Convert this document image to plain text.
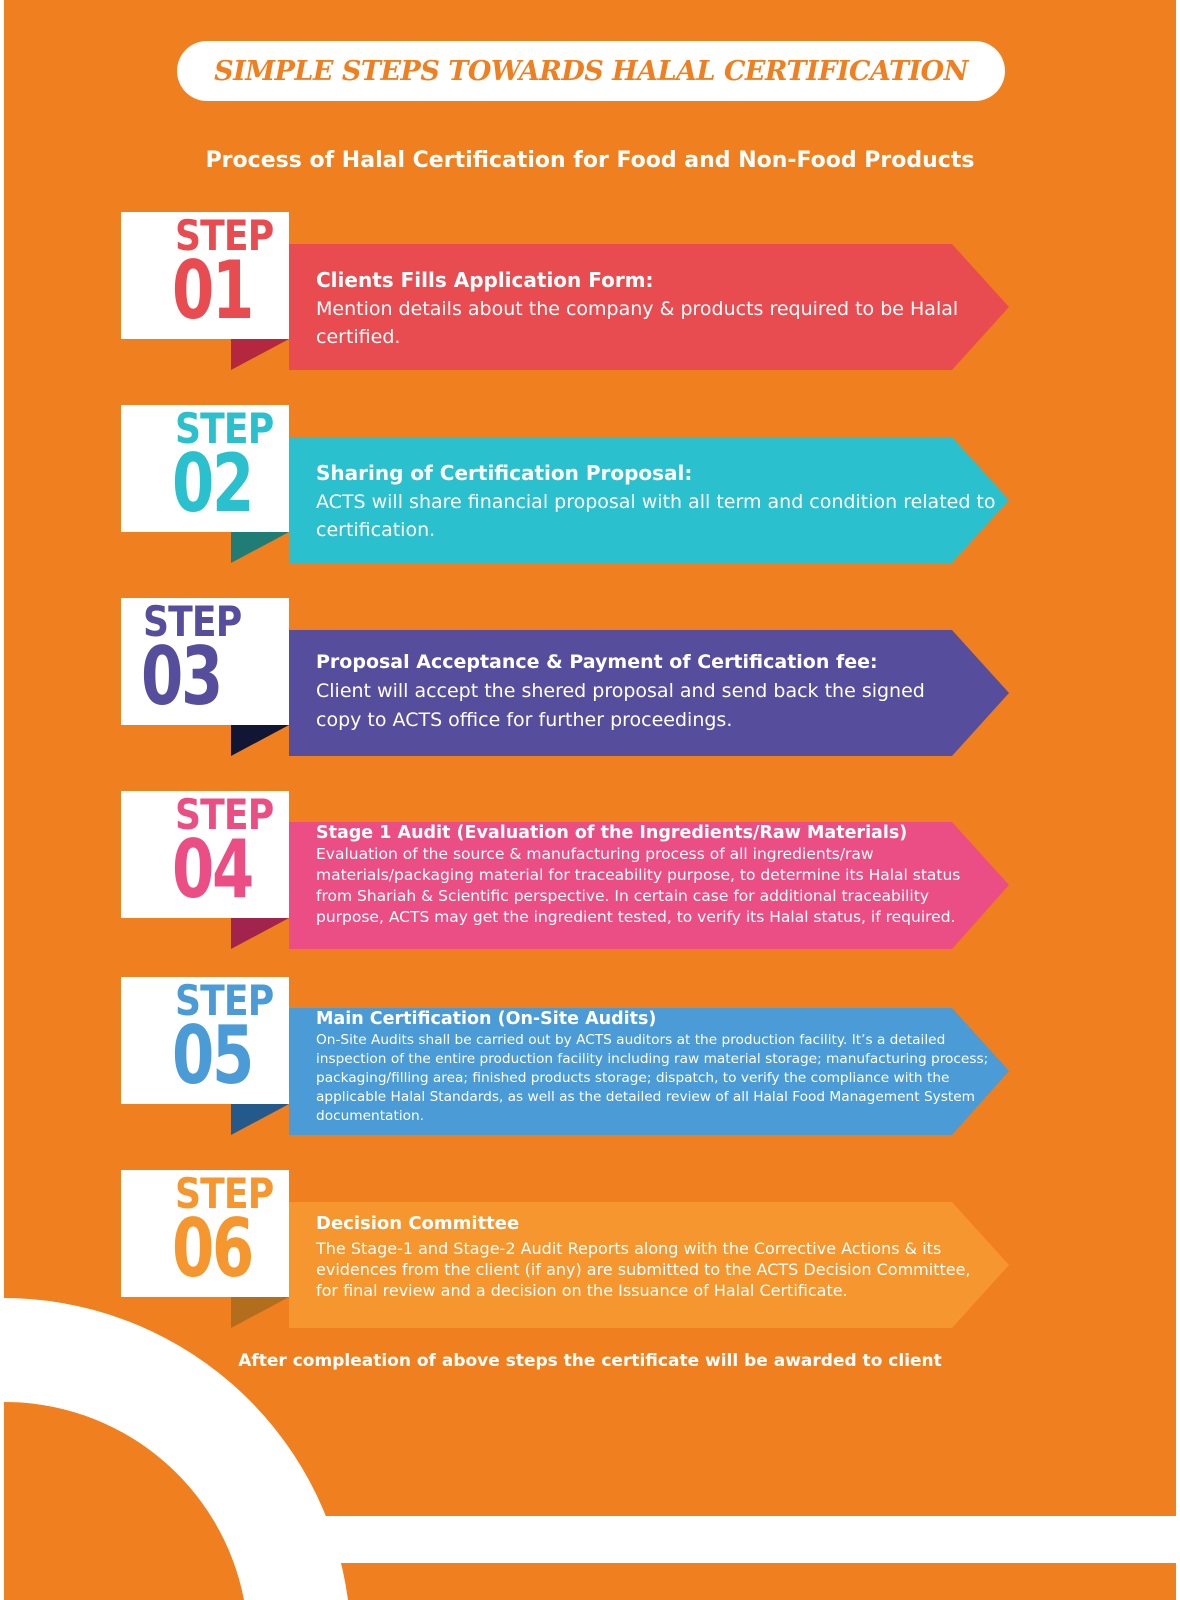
SIMPLE STEPS TOWARDS HALAL CERTIFICATION
Process of Halal Certification for Food and Non-Food Products
STEP
01	Clients Fills Application Form:
Mention details about the company & products required to be Halal certified.
STEP
02	Sharing of Certification Proposal:
ACTS will share financial proposal with all term and condition related to certification.
STEP
03	Proposal Acceptance & Payment of Certification fee:
Client will accept the shered proposal and send back the signed copy to ACTS office for further proceedings.
STEP
04	Stage 1 Audit (Evaluation of the Ingredients/Raw Materials)
Evaluation of the source & manufacturing process of all ingredients/raw materials/packaging material for traceability purpose, to determine its Halal status from Shariah & Scientific perspective. In certain case for additional traceability purpose, ACTS may get the ingredient tested, to verify its Halal status, if required.
STEP
05	Main Certification (On-Site Audits)
On-Site Audits shall be carried out by ACTS auditors at the production facility. It’s a detailed inspection of the entire production facility including raw material storage; manufacturing process; packaging/filling area; finished products storage; dispatch, to verify the compliance with the applicable Halal Standards, as well as the detailed review of all Halal Food Management System documentation.
STEP
06	Decision Committee
The Stage-1 and Stage-2 Audit Reports along with the Corrective Actions & its evidences from the client (if any) are submitted to the ACTS Decision Committee, for final review and a decision on the Issuance of Halal Certificate.
After compleation of above steps the certificate will be awarded to client
